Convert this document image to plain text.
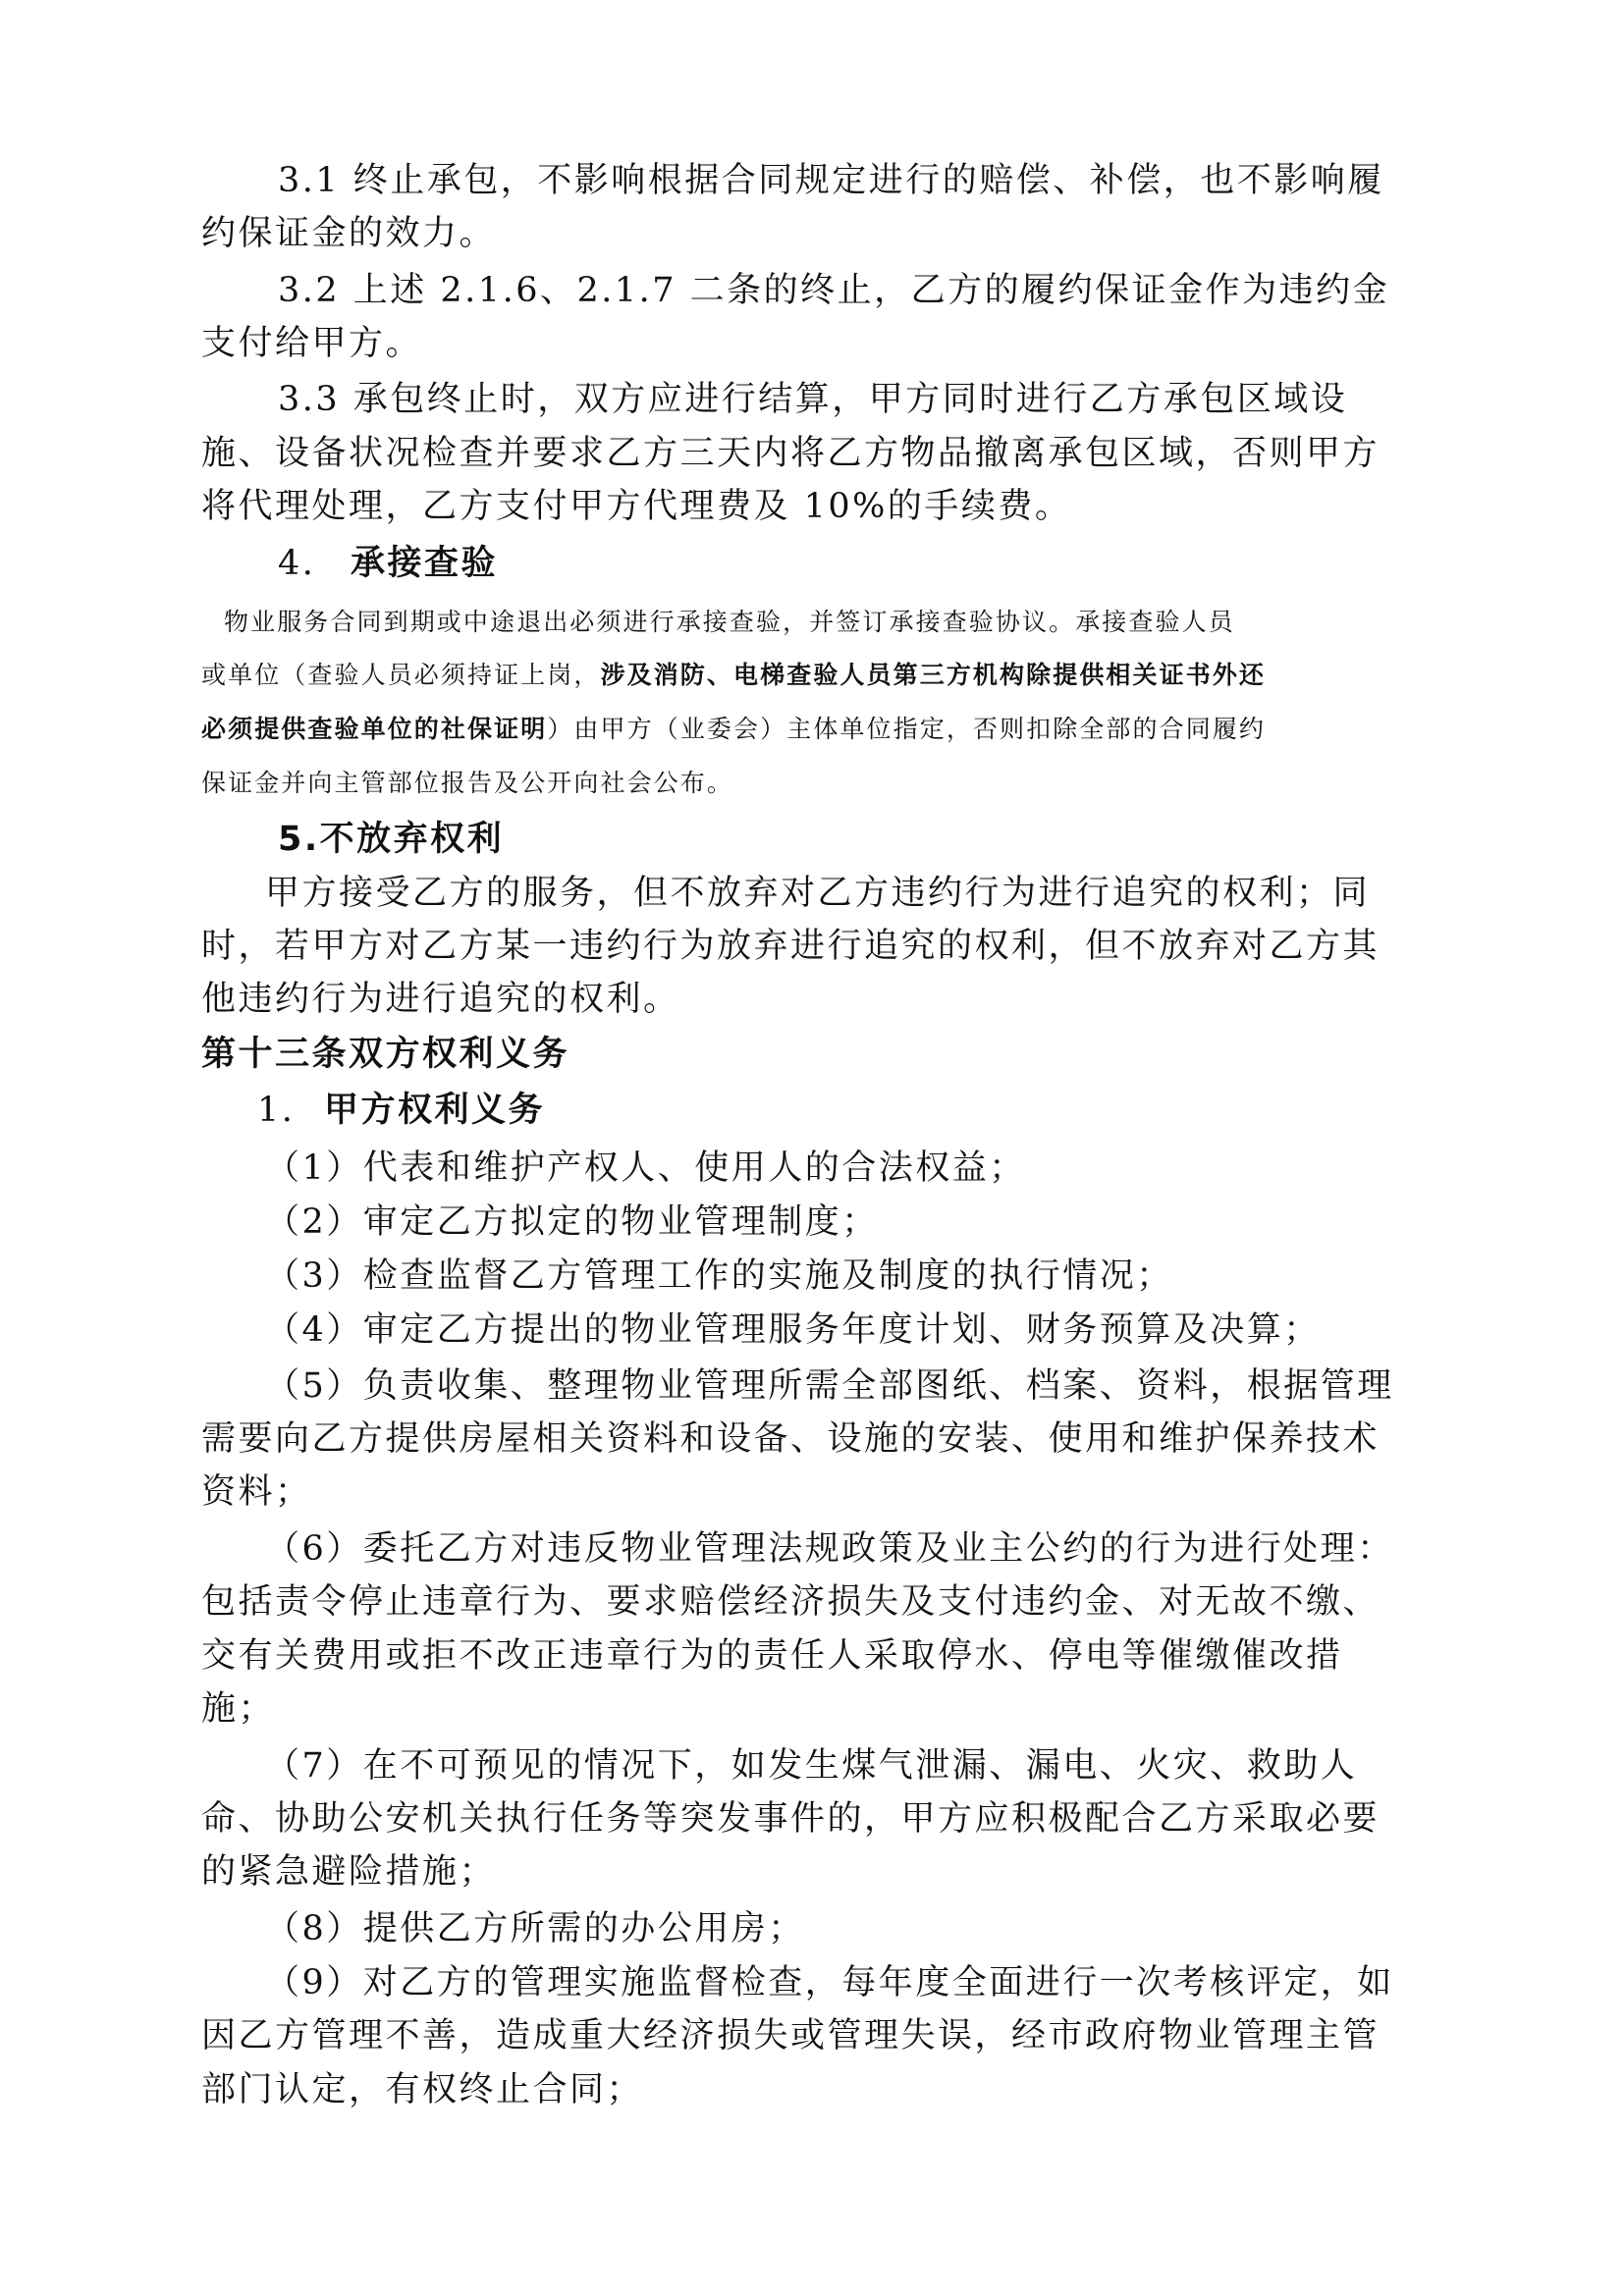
3.1 终止承包，不影响根据合同规定进行的赔偿、补偿，也不影响履
约保证金的效力。
3.2 上述 2.1.6、2.1.7 二条的终止，乙方的履约保证金作为违约金
支付给甲方。
3.3 承包终止时，双方应进行结算，甲方同时进行乙方承包区域设
施、设备状况检查并要求乙方三天内将乙方物品撤离承包区域，否则甲方
将代理处理，乙方支付甲方代理费及 10%的手续费。
4. 承接查验
物业服务合同到期或中途退出必须进行承接查验，并签订承接查验协议。承接查验人员
或单位（查验人员必须持证上岗，涉及消防、电梯查验人员第三方机构除提供相关证书外还
必须提供查验单位的社保证明）由甲方（业委会）主体单位指定，否则扣除全部的合同履约
保证金并向主管部位报告及公开向社会公布。
5.不放弃权利
甲方接受乙方的服务，但不放弃对乙方违约行为进行追究的权利；同
时，若甲方对乙方某一违约行为放弃进行追究的权利，但不放弃对乙方其
他违约行为进行追究的权利。
第十三条双方权利义务
1. 甲方权利义务
（1）代表和维护产权人、使用人的合法权益；
（2）审定乙方拟定的物业管理制度；
（3）检查监督乙方管理工作的实施及制度的执行情况；
（4）审定乙方提出的物业管理服务年度计划、财务预算及决算；
（5）负责收集、整理物业管理所需全部图纸、档案、资料，根据管理
需要向乙方提供房屋相关资料和设备、设施的安装、使用和维护保养技术
资料；
（6）委托乙方对违反物业管理法规政策及业主公约的行为进行处理：
包括责令停止违章行为、要求赔偿经济损失及支付违约金、对无故不缴、
交有关费用或拒不改正违章行为的责任人采取停水、停电等催缴催改措
施；
（7）在不可预见的情况下，如发生煤气泄漏、漏电、火灾、救助人
命、协助公安机关执行任务等突发事件的，甲方应积极配合乙方采取必要
的紧急避险措施；
（8）提供乙方所需的办公用房；
（9）对乙方的管理实施监督检查，每年度全面进行一次考核评定，如
因乙方管理不善，造成重大经济损失或管理失误，经市政府物业管理主管
部门认定，有权终止合同；
